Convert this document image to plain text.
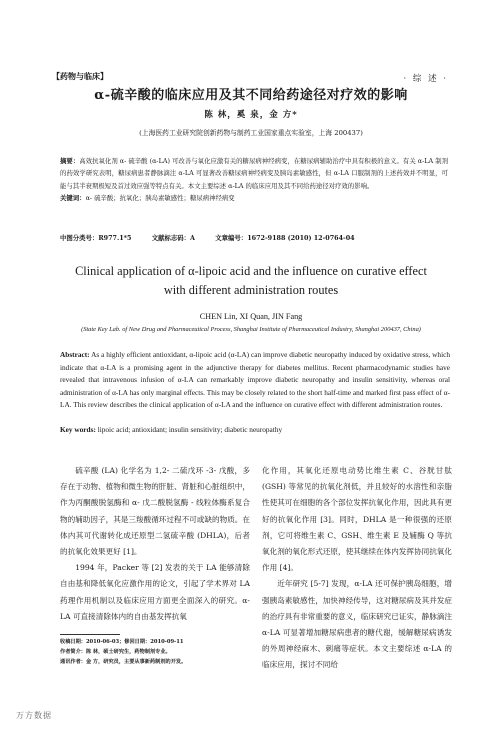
【药物与临床】	· 综 述 ·
α-硫辛酸的临床应用及其不同给药途径对疗效的影响
陈 林，奚 泉，金 方*
(上海医药工业研究院创新药物与制药工业国家重点实验室，上海 200437)
摘要：高效抗氧化剂 α- 硫辛酸 (α-LA) 可改善与氧化应激有关的糖尿病神经病变，在糖尿病辅助治疗中具有积极的意义。有关 α-LA 制剂的药效学研究表明，糖尿病患者静脉滴注 α-LA 可显著改善糖尿病神经病变及胰岛素敏感性，但 α-LA 口服制剂的上述药效并不明显，可能与其半衰期极短及首过效应强等特点有关。本文主要综述 α-LA 的临床应用及其不同给药途径对疗效的影响。
关键词：α- 硫辛酸；抗氧化；胰岛素敏感性；糖尿病神经病变
中图分类号：R977.1*5	文献标志码：A	文章编号：1672-9188 (2010) 12-0764-04
Clinical application of α-lipoic acid and the influence on curative effect
with different administration routes
CHEN Lin, XI Quan, JIN Fang
(State Key Lab. of New Drug and Pharmaceutical Process, Shanghai Institute of Pharmaceutical Industry, Shanghai 200437, China)
Abstract: As a highly efficient antioxidant, α-lipoic acid (α-LA) can improve diabetic neuropathy induced by oxidative stress, which indicate that α-LA is a promising agent in the adjunctive therapy for diabetes mellitus. Recent pharmacodynamic studies have revealed that intravenous infusion of α-LA can remarkably improve diabetic neuropathy and insulin sensitivity, whereas oral administration of α-LA has only marginal effects. This may be closely related to the short half-time and marked first pass effect of α-LA. This review describes the clinical application of α-LA and the influence on curative effect with different administration routes.
Key words: lipoic acid; antioxidant; insulin sensitivity; diabetic neuropathy

硫辛酸 (LA) 化学名为 1,2- 二硫戊环 -3- 戊酸，多存在于动物、植物和微生物的肝脏、肾脏和心脏组织中，作为丙酮酸脱氢酶和 α- 戊二酸脱氢酶 - 线粒体酶系复合物的辅助因子，其是三羧酸循环过程不可或缺的物质。在体内其可代谢转化成还原型二氢硫辛酸 (DHLA)，后者的抗氧化效果更好 [1]。

1994 年，Packer 等 [2] 发表的关于 LA 能够清除自由基和降低氧化应激作用的论文，引起了学术界对 LA 药理作用机制以及临床应用方面更全面深入的研究。α-LA 可直接清除体内的自由基发挥抗氧

化作用，其氧化还原电动势比维生素 C、谷胱甘肽 (GSH) 等常见的抗氧化剂低，并且较好的水溶性和亲脂性使其可在细胞的各个部位发挥抗氧化作用，因此具有更好的抗氧化作用 [3]。同时，DHLA 是一种很强的还原剂，它可将维生素 C、GSH、维生素 E 及辅酶 Q 等抗氧化剂的氧化形式还原，使其继续在体内发挥协同抗氧化作用 [4]。

近年研究 [5-7] 发现，α-LA 还可保护胰岛细胞，增强胰岛素敏感性，加快神经传导，这对糖尿病及其并发症的治疗具有非常重要的意义，临床研究已证实，静脉滴注 α-LA 可显著增加糖尿病患者的糖代谢，缓解糖尿病诱发的外周神经麻木、刺痛等症状。本文主要综述 α-LA 的临床应用，探讨不同给

收稿日期：2010-06-03；修回日期：2010-09-11
作者简介：陈 林，硕士研究生，药物制剂专业。
通讯作者：金 方，研究员，主要从事新药制剂的开发。
万方数据
